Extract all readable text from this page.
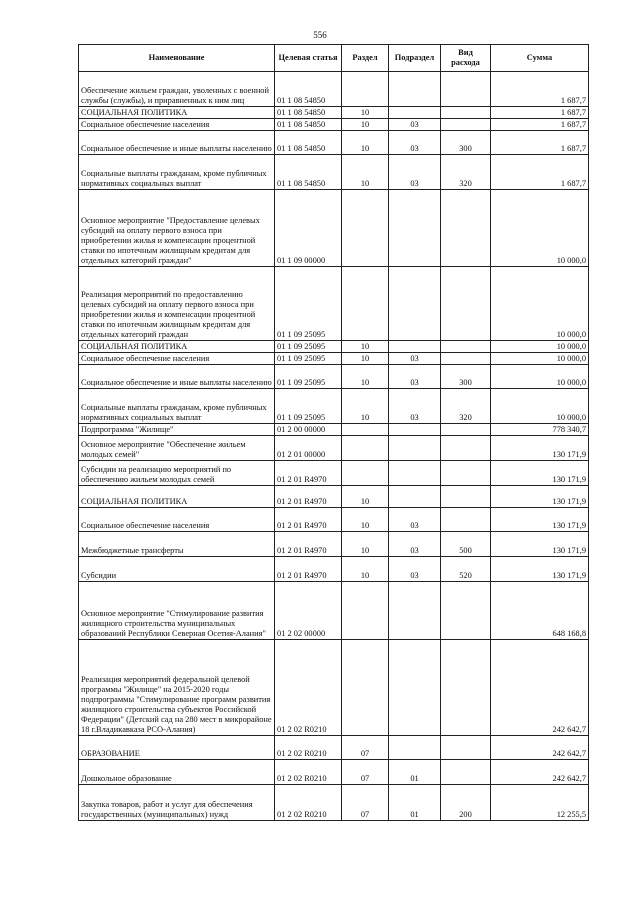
556
Наименование	Целевая статья	Раздел	Подраздел	Вид расхода	Сумма
Обеспечение жильем граждан, уволенных с военной службы (службы), и приравненных к ним лиц	01 1 08 54850				1 687,7
СОЦИАЛЬНАЯ ПОЛИТИКА	01 1 08 54850	10			1 687,7
Социальное обеспечение населения	01 1 08 54850	10	03		1 687,7
Социальное обеспечение и иные выплаты населению	01 1 08 54850	10	03	300	1 687,7
Социальные выплаты гражданам, кроме публичных нормативных социальных выплат	01 1 08 54850	10	03	320	1 687,7
Основное мероприятие "Предоставление целевых субсидий на оплату первого взноса при приобретении жилья и компенсации процентной ставки по ипотечным жилищным кредитам для отдельных категорий граждан"	01 1 09 00000				10 000,0
Реализация мероприятий по предоставлению целевых субсидий на оплату первого взноса при приобретении жилья и компенсации процентной ставки по ипотечным жилищным кредитам для отдельных категорий граждан	01 1 09 25095				10 000,0
СОЦИАЛЬНАЯ ПОЛИТИКА	01 1 09 25095	10			10 000,0
Социальное обеспечение населения	01 1 09 25095	10	03		10 000,0
Социальное обеспечение и иные выплаты населению	01 1 09 25095	10	03	300	10 000,0
Социальные выплаты гражданам, кроме публичных нормативных социальных выплат	01 1 09 25095	10	03	320	10 000,0
Подпрограмма "Жилище"	01 2 00 00000				778 340,7
Основное мероприятие "Обеспечение жильем молодых семей"	01 2 01 00000				130 171,9
Субсидии на реализацию мероприятий по обеспечению жильем молодых семей	01 2 01 R4970				130 171,9
СОЦИАЛЬНАЯ ПОЛИТИКА	01 2 01 R4970	10			130 171,9
Социальное обеспечение населения	01 2 01 R4970	10	03		130 171,9
Межбюджетные трансферты	01 2 01 R4970	10	03	500	130 171,9
Субсидии	01 2 01 R4970	10	03	520	130 171,9
Основное мероприятие "Стимулирование развития жилищного строительства муниципальных образований Республики Северная Осетия-Алания"	01 2 02 00000				648 168,8
Реализация мероприятий федеральной целевой программы "Жилище" на 2015-2020 годы подпрограммы "Стимулирование программ развития жилищного строительства субъектов Российской Федерации" (Детский сад на 280 мест в микрорайоне 18 г.Владикавказа РСО-Алания)	01 2 02 R0210				242 642,7
ОБРАЗОВАНИЕ	01 2 02 R0210	07			242 642,7
Дошкольное образование	01 2 02 R0210	07	01		242 642,7
Закупка товаров, работ и услуг для обеспечения государственных (муниципальных) нужд	01 2 02 R0210	07	01	200	12 255,5
